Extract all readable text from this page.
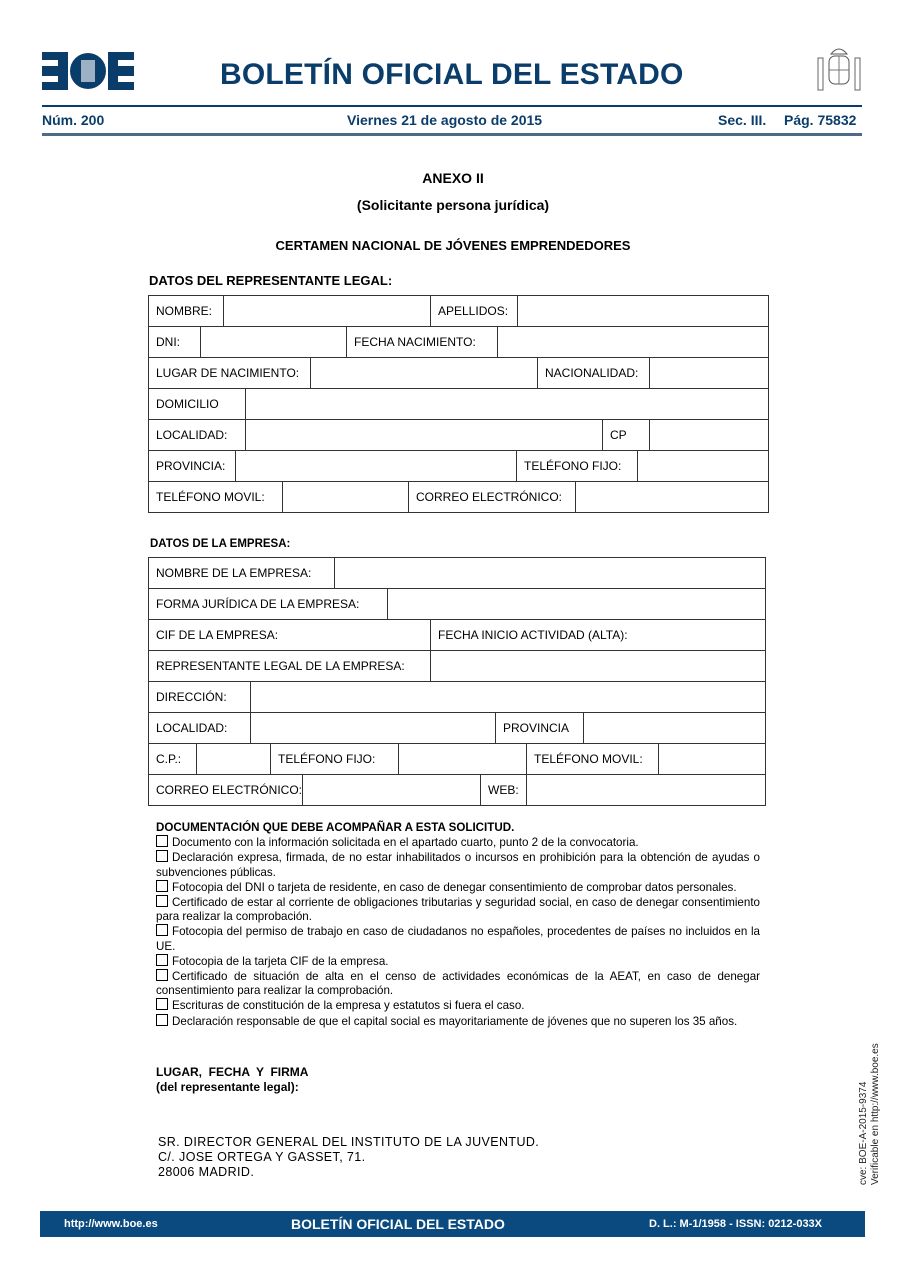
BOLETÍN OFICIAL DEL ESTADO
Núm. 200	Viernes 21 de agosto de 2015	Sec. III. Pág. 75832
ANEXO II
(Solicitante persona jurídica)
CERTAMEN NACIONAL DE JÓVENES EMPRENDEDORES
DATOS DEL REPRESENTANTE LEGAL:
NOMBRE:	APELLIDOS:
DNI:	FECHA NACIMIENTO:
LUGAR DE NACIMIENTO:	NACIONALIDAD:
DOMICILIO
LOCALIDAD:	CP
PROVINCIA:	TELÉFONO FIJO:
TELÉFONO MOVIL:	CORREO ELECTRÓNICO:
DATOS DE LA EMPRESA:
NOMBRE DE LA EMPRESA:
FORMA JURÍDICA DE LA EMPRESA:
CIF DE LA EMPRESA:	FECHA INICIO ACTIVIDAD (ALTA):
REPRESENTANTE LEGAL DE LA EMPRESA:
DIRECCIÓN:
LOCALIDAD:	PROVINCIA
C.P.:	TELÉFONO FIJO:	TELÉFONO MOVIL:
CORREO ELECTRÓNICO:	WEB:
DOCUMENTACIÓN QUE DEBE ACOMPAÑAR A ESTA SOLICITUD.
Documento con la información solicitada en el apartado cuarto, punto 2 de la convocatoria.
Declaración expresa, firmada, de no estar inhabilitados o incursos en prohibición para la obtención de ayudas o subvenciones públicas.
Fotocopia del DNI o tarjeta de residente, en caso de denegar consentimiento de comprobar datos personales.
Certificado de estar al corriente de obligaciones tributarias y seguridad social, en caso de denegar consentimiento para realizar la comprobación.
Fotocopia del permiso de trabajo en caso de ciudadanos no españoles, procedentes de países no incluidos en la UE.
Fotocopia de la tarjeta CIF de la empresa.
Certificado de situación de alta en el censo de actividades económicas de la AEAT, en caso de denegar consentimiento para realizar la comprobación.
Escrituras de constitución de la empresa y estatutos si fuera el caso.
Declaración responsable de que el capital social es mayoritariamente de jóvenes que no superen los 35 años.
LUGAR,  FECHA  Y  FIRMA
(del representante legal):
SR. DIRECTOR GENERAL DEL INSTITUTO DE LA JUVENTUD.
C/. JOSE ORTEGA Y GASSET, 71.
28006 MADRID.	cve: BOE-A-2015-9374 Verificable en http://www.boe.es
http://www.boe.es	BOLETÍN OFICIAL DEL ESTADO	D. L.: M-1/1958 - ISSN: 0212-033X
